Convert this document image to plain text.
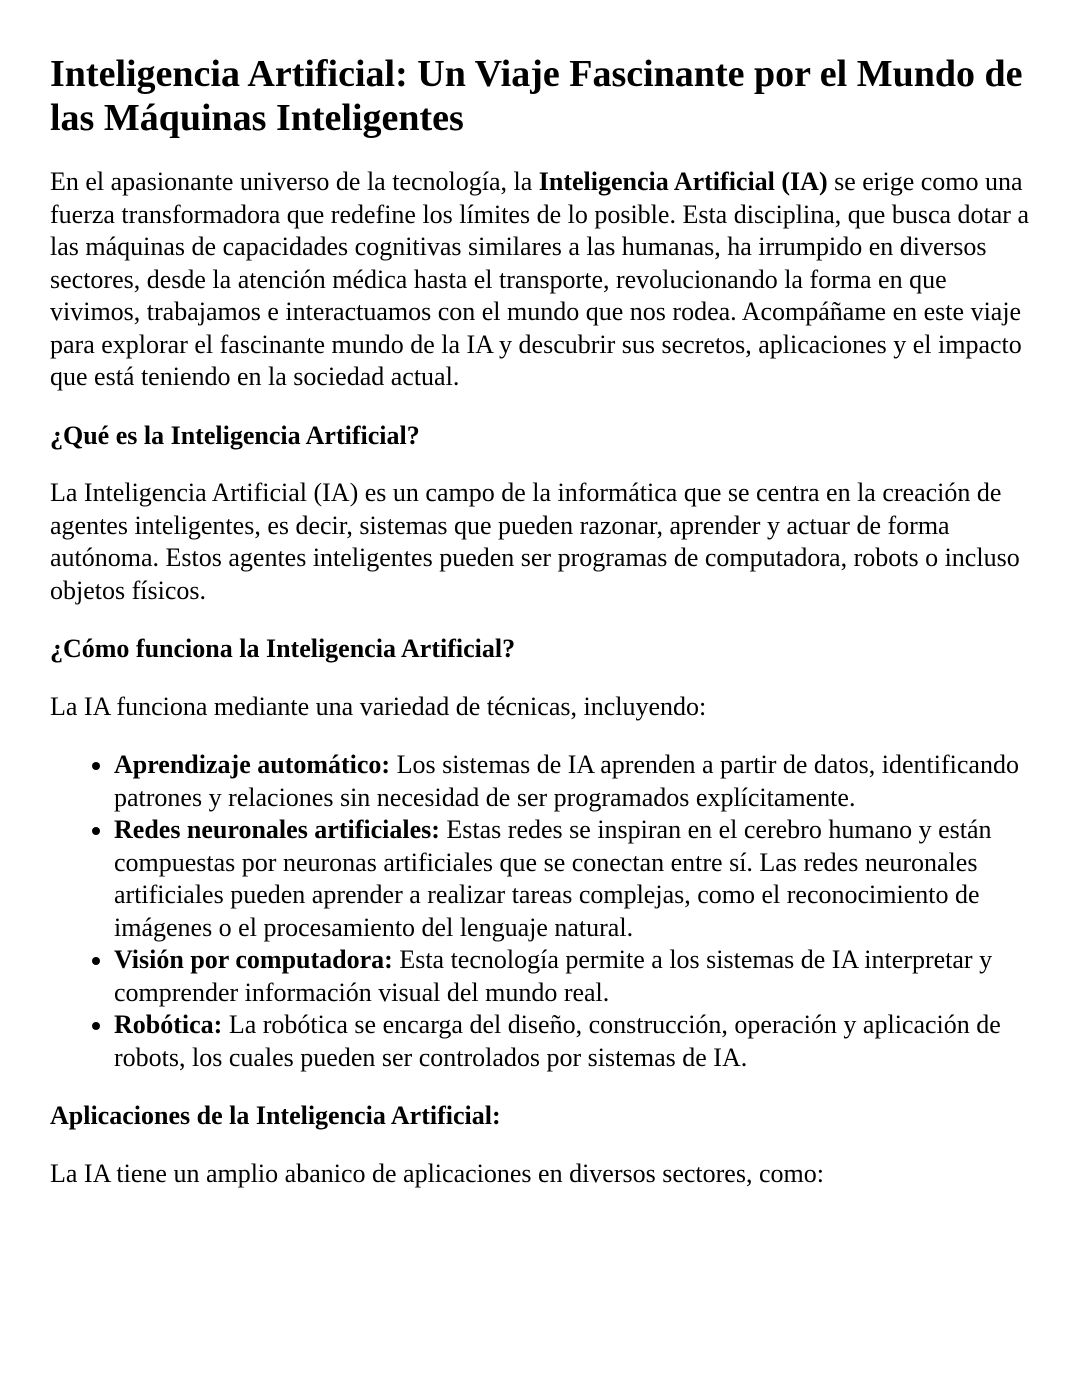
Inteligencia Artificial: Un Viaje Fascinante por el Mundo de las Máquinas Inteligentes

En el apasionante universo de la tecnología, la Inteligencia Artificial (IA) se erige como una fuerza transformadora que redefine los límites de lo posible. Esta disciplina, que busca dotar a las máquinas de capacidades cognitivas similares a las humanas, ha irrumpido en diversos sectores, desde la atención médica hasta el transporte, revolucionando la forma en que vivimos, trabajamos e interactuamos con el mundo que nos rodea. Acompáñame en este viaje para explorar el fascinante mundo de la IA y descubrir sus secretos, aplicaciones y el impacto que está teniendo en la sociedad actual.

¿Qué es la Inteligencia Artificial?

La Inteligencia Artificial (IA) es un campo de la informática que se centra en la creación de agentes inteligentes, es decir, sistemas que pueden razonar, aprender y actuar de forma autónoma. Estos agentes inteligentes pueden ser programas de computadora, robots o incluso objetos físicos.

¿Cómo funciona la Inteligencia Artificial?

La IA funciona mediante una variedad de técnicas, incluyendo:

• Aprendizaje automático: Los sistemas de IA aprenden a partir de datos, identificando patrones y relaciones sin necesidad de ser programados explícitamente.
• Redes neuronales artificiales: Estas redes se inspiran en el cerebro humano y están compuestas por neuronas artificiales que se conectan entre sí. Las redes neuronales artificiales pueden aprender a realizar tareas complejas, como el reconocimiento de imágenes o el procesamiento del lenguaje natural.
• Visión por computadora: Esta tecnología permite a los sistemas de IA interpretar y comprender información visual del mundo real.
• Robótica: La robótica se encarga del diseño, construcción, operación y aplicación de robots, los cuales pueden ser controlados por sistemas de IA.
Aplicaciones de la Inteligencia Artificial:

La IA tiene un amplio abanico de aplicaciones en diversos sectores, como:
